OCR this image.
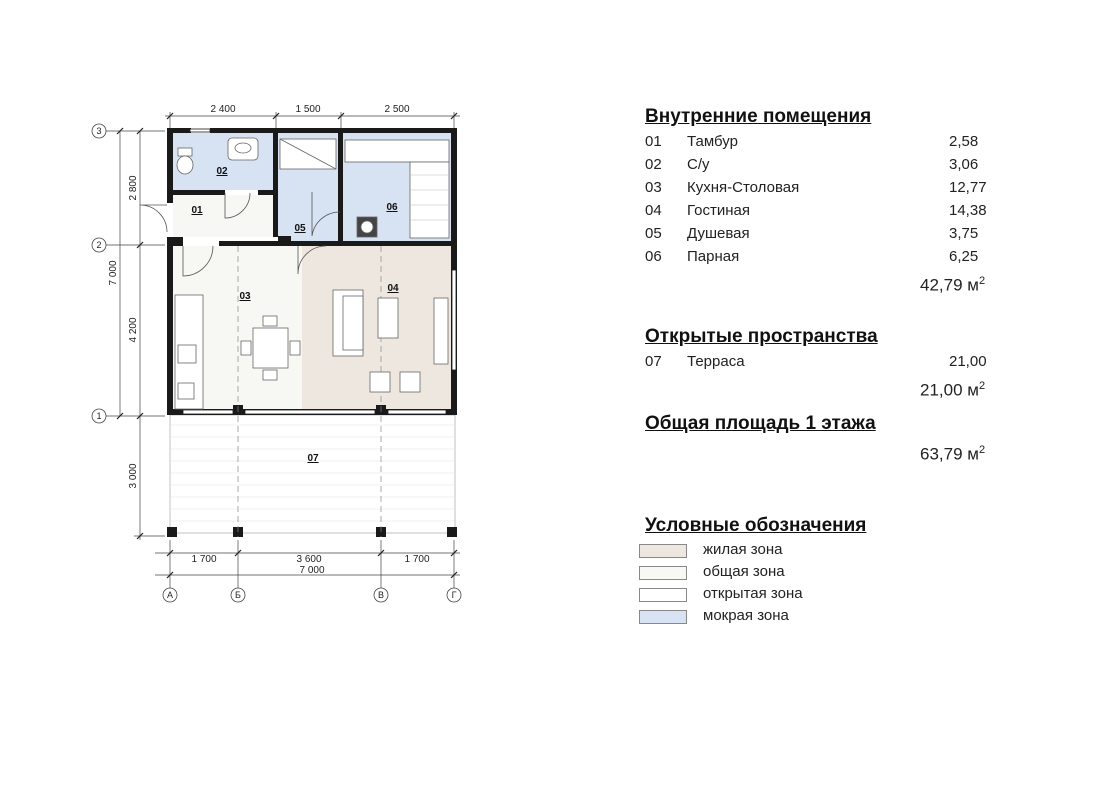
02
01
05
06
03
04
07
2 400	1 500	2 500
1 700	3 600	1 700
7 000
2 800
4 200
3 000
7 000
3
2
1
А	Б	В	Г
Внутренние помещения
01 Тамбур	2,58
02 С/у	3,06
03 Кухня-Столовая	12,77
04 Гостиная	14,38
05 Душевая	3,75
06 Парная	6,25
42,79 $м^2$
Открытые пространства
07 Терраса	21,00
21,00 $м^2$
Общая площадь 1 этажа
63,79 $м^2$
Условные обозначения
жилая зона
общая зона
открытая зона
мокрая зона
